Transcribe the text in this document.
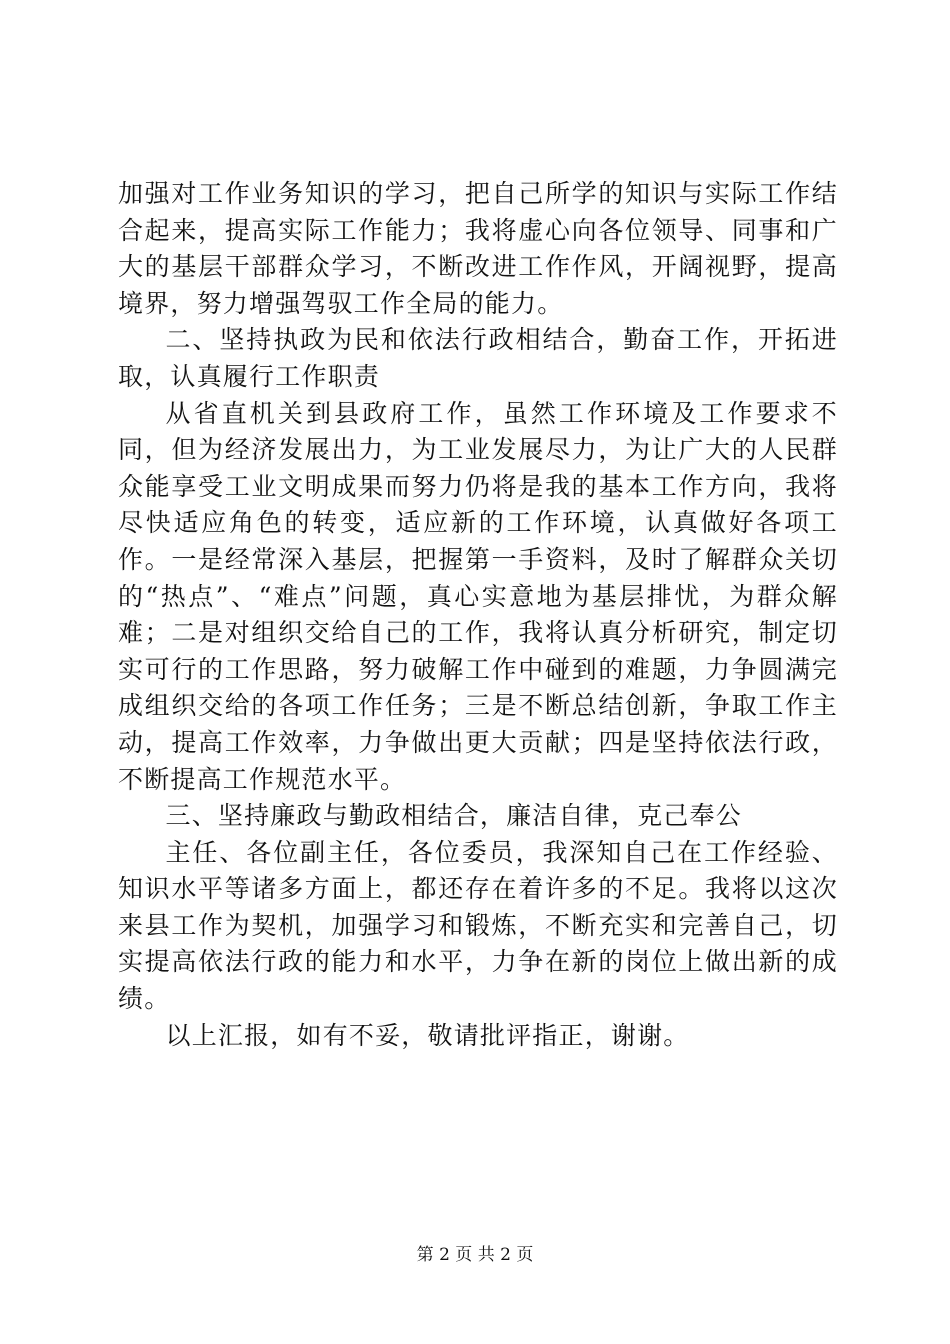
加强对工作业务知识的学习，把自己所学的知识与实际工作结合起来，提高实际工作能力；我将虚心向各位领导、同事和广大的基层干部群众学习，不断改进工作作风，开阔视野，提高境界，努力增强驾驭工作全局的能力。

二、坚持执政为民和依法行政相结合，勤奋工作，开拓进取，认真履行工作职责

从省直机关到县政府工作，虽然工作环境及工作要求不同，但为经济发展出力，为工业发展尽力，为让广大的人民群众能享受工业文明成果而努力仍将是我的基本工作方向，我将尽快适应角色的转变，适应新的工作环境，认真做好各项工作。一是经常深入基层，把握第一手资料，及时了解群众关切的“热点”、“难点”问题，真心实意地为基层排忧，为群众解难；二是对组织交给自己的工作，我将认真分析研究，制定切实可行的工作思路，努力破解工作中碰到的难题，力争圆满完成组织交给的各项工作任务；三是不断总结创新，争取工作主动，提高工作效率，力争做出更大贡献；四是坚持依法行政，不断提高工作规范水平。

三、坚持廉政与勤政相结合，廉洁自律，克己奉公

主任、各位副主任，各位委员，我深知自己在工作经验、知识水平等诸多方面上，都还存在着许多的不足。我将以这次来县工作为契机，加强学习和锻炼，不断充实和完善自己，切实提高依法行政的能力和水平，力争在新的岗位上做出新的成绩。

以上汇报，如有不妥，敬请批评指正，谢谢。

第 2 页 共 2 页
